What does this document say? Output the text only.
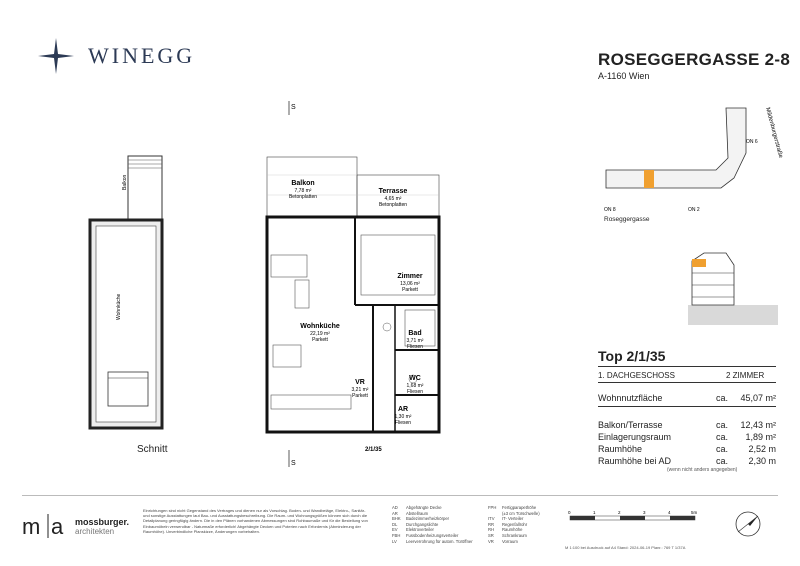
WINEGG	ROSEGGERGASSE 2-8
A-1160 Wien
Balkon
Wohnküche
Schnitt
S
Balkon
Terrasse
Zimmer
Wohnküche
Bad
VR
WC
AR
7,78 m²
Betonplatten	4,65 m²
Betonplatten
13,06 m²
Parkett
22,19 m²
Parkett	3,71 m²
Fliesen
3,21 m²
Parkett
1,68 m²
Fliesen
1,30 m²
Fliesen
2/1/35
S
ON 8	ON 2
ON 6 Mildenburgerstraße
Roseggergasse
Top 2/1/35
1. DACHGESCHOSS	2 ZIMMER
Wohnnutzfläche	ca. 45,07 m²
Balkon/Terrasse	ca. 12,43 m²
Einlagerungsraum	ca. 1,89 m²
Raumhöhe	ca. 2,52 m
Raumhöhe bei AD	ca. 2,30 m
(wenn nicht anders angegeben)
m a mossburger.
architekten
Einrichtungen sind nicht Gegenstand des Vertrages und dienen nur als Vorschlag. Boden- und Wandbeläge, Elektro-, Sanitär- und sonstige Ausstattungen laut Bau- und Ausstattungsbeschreibung. Die Raum- und Wohnungsgrößen können sich durch die Detailplanung geringfügig ändern. Die in den Plänen vorhandenen Abmessungen sind Rohbaumaße und für die Bestellung von Einbaumöbeln verwendbar - Naturmaße erforderlich! Abgehängte Decken und Poterien nach Erfordernis (Abminderung der Raumhöhe). Unverbindliche Planskizze, Änderungen vorbehalten.
AD Abgehängte Decke
AR Abstellraum
BHK Badezimmerheizkörper
DL Durchgangslichte
EV Elektroverteiler
FBH Fussbodenheizungsverteiler
LV Leerverrohrung für autom. Türöffner
FPH Fertigparapethöhe
(±3 cm Türschwelle)
ITV IT- Verteiler
RR Regenfallrohr
RH Raumhöhe
SR Schrankraum
VR Vorraum
0	1	2	3	4	5m
M 1:100 bei Ausdruck auf A4 Stand: 2024-06-19 Planr.: 769 T 1/37A
